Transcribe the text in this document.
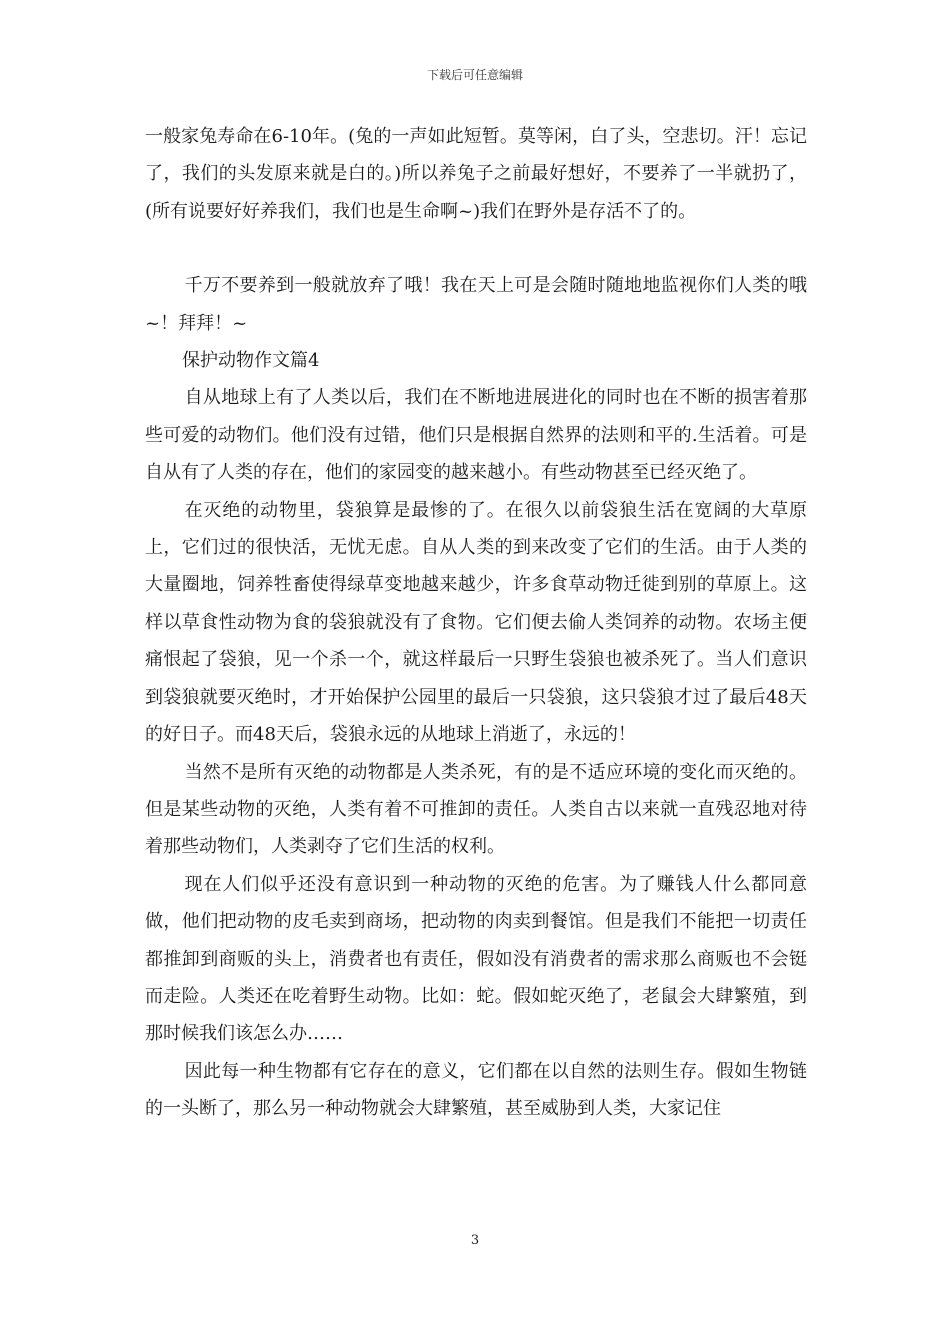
下载后可任意编辑

一般家兔寿命在6-10年。(兔的一声如此短暂。莫等闲，白了头，空悲切。汗！忘记了，我们的头发原来就是白的。)所以养兔子之前最好想好，不要养了一半就扔了，(所有说要好好养我们，我们也是生命啊~)我们在野外是存活不了的。

千万不要养到一般就放弃了哦！我在天上可是会随时随地地监视你们人类的哦~！拜拜！~

保护动物作文篇4

自从地球上有了人类以后，我们在不断地进展进化的同时也在不断的损害着那些可爱的动物们。他们没有过错，他们只是根据自然界的法则和平的.生活着。可是自从有了人类的存在，他们的家园变的越来越小。有些动物甚至已经灭绝了。

在灭绝的动物里，袋狼算是最惨的了。在很久以前袋狼生活在宽阔的大草原上，它们过的很快活，无忧无虑。自从人类的到来改变了它们的生活。由于人类的大量圈地，饲养牲畜使得绿草变地越来越少，许多食草动物迁徙到别的草原上。这样以草食性动物为食的袋狼就没有了食物。它们便去偷人类饲养的动物。农场主便痛恨起了袋狼，见一个杀一个，就这样最后一只野生袋狼也被杀死了。当人们意识到袋狼就要灭绝时，才开始保护公园里的最后一只袋狼，这只袋狼才过了最后48天的好日子。而48天后，袋狼永远的从地球上消逝了，永远的！

当然不是所有灭绝的动物都是人类杀死，有的是不适应环境的变化而灭绝的。但是某些动物的灭绝，人类有着不可推卸的责任。人类自古以来就一直残忍地对待着那些动物们，人类剥夺了它们生活的权利。

现在人们似乎还没有意识到一种动物的灭绝的危害。为了赚钱人什么都同意做，他们把动物的皮毛卖到商场，把动物的肉卖到餐馆。但是我们不能把一切责任都推卸到商贩的头上，消费者也有责任，假如没有消费者的需求那么商贩也不会铤而走险。人类还在吃着野生动物。比如：蛇。假如蛇灭绝了，老鼠会大肆繁殖，到那时候我们该怎么办……

因此每一种生物都有它存在的意义，它们都在以自然的法则生存。假如生物链的一头断了，那么另一种动物就会大肆繁殖，甚至威胁到人类，大家记住

3
